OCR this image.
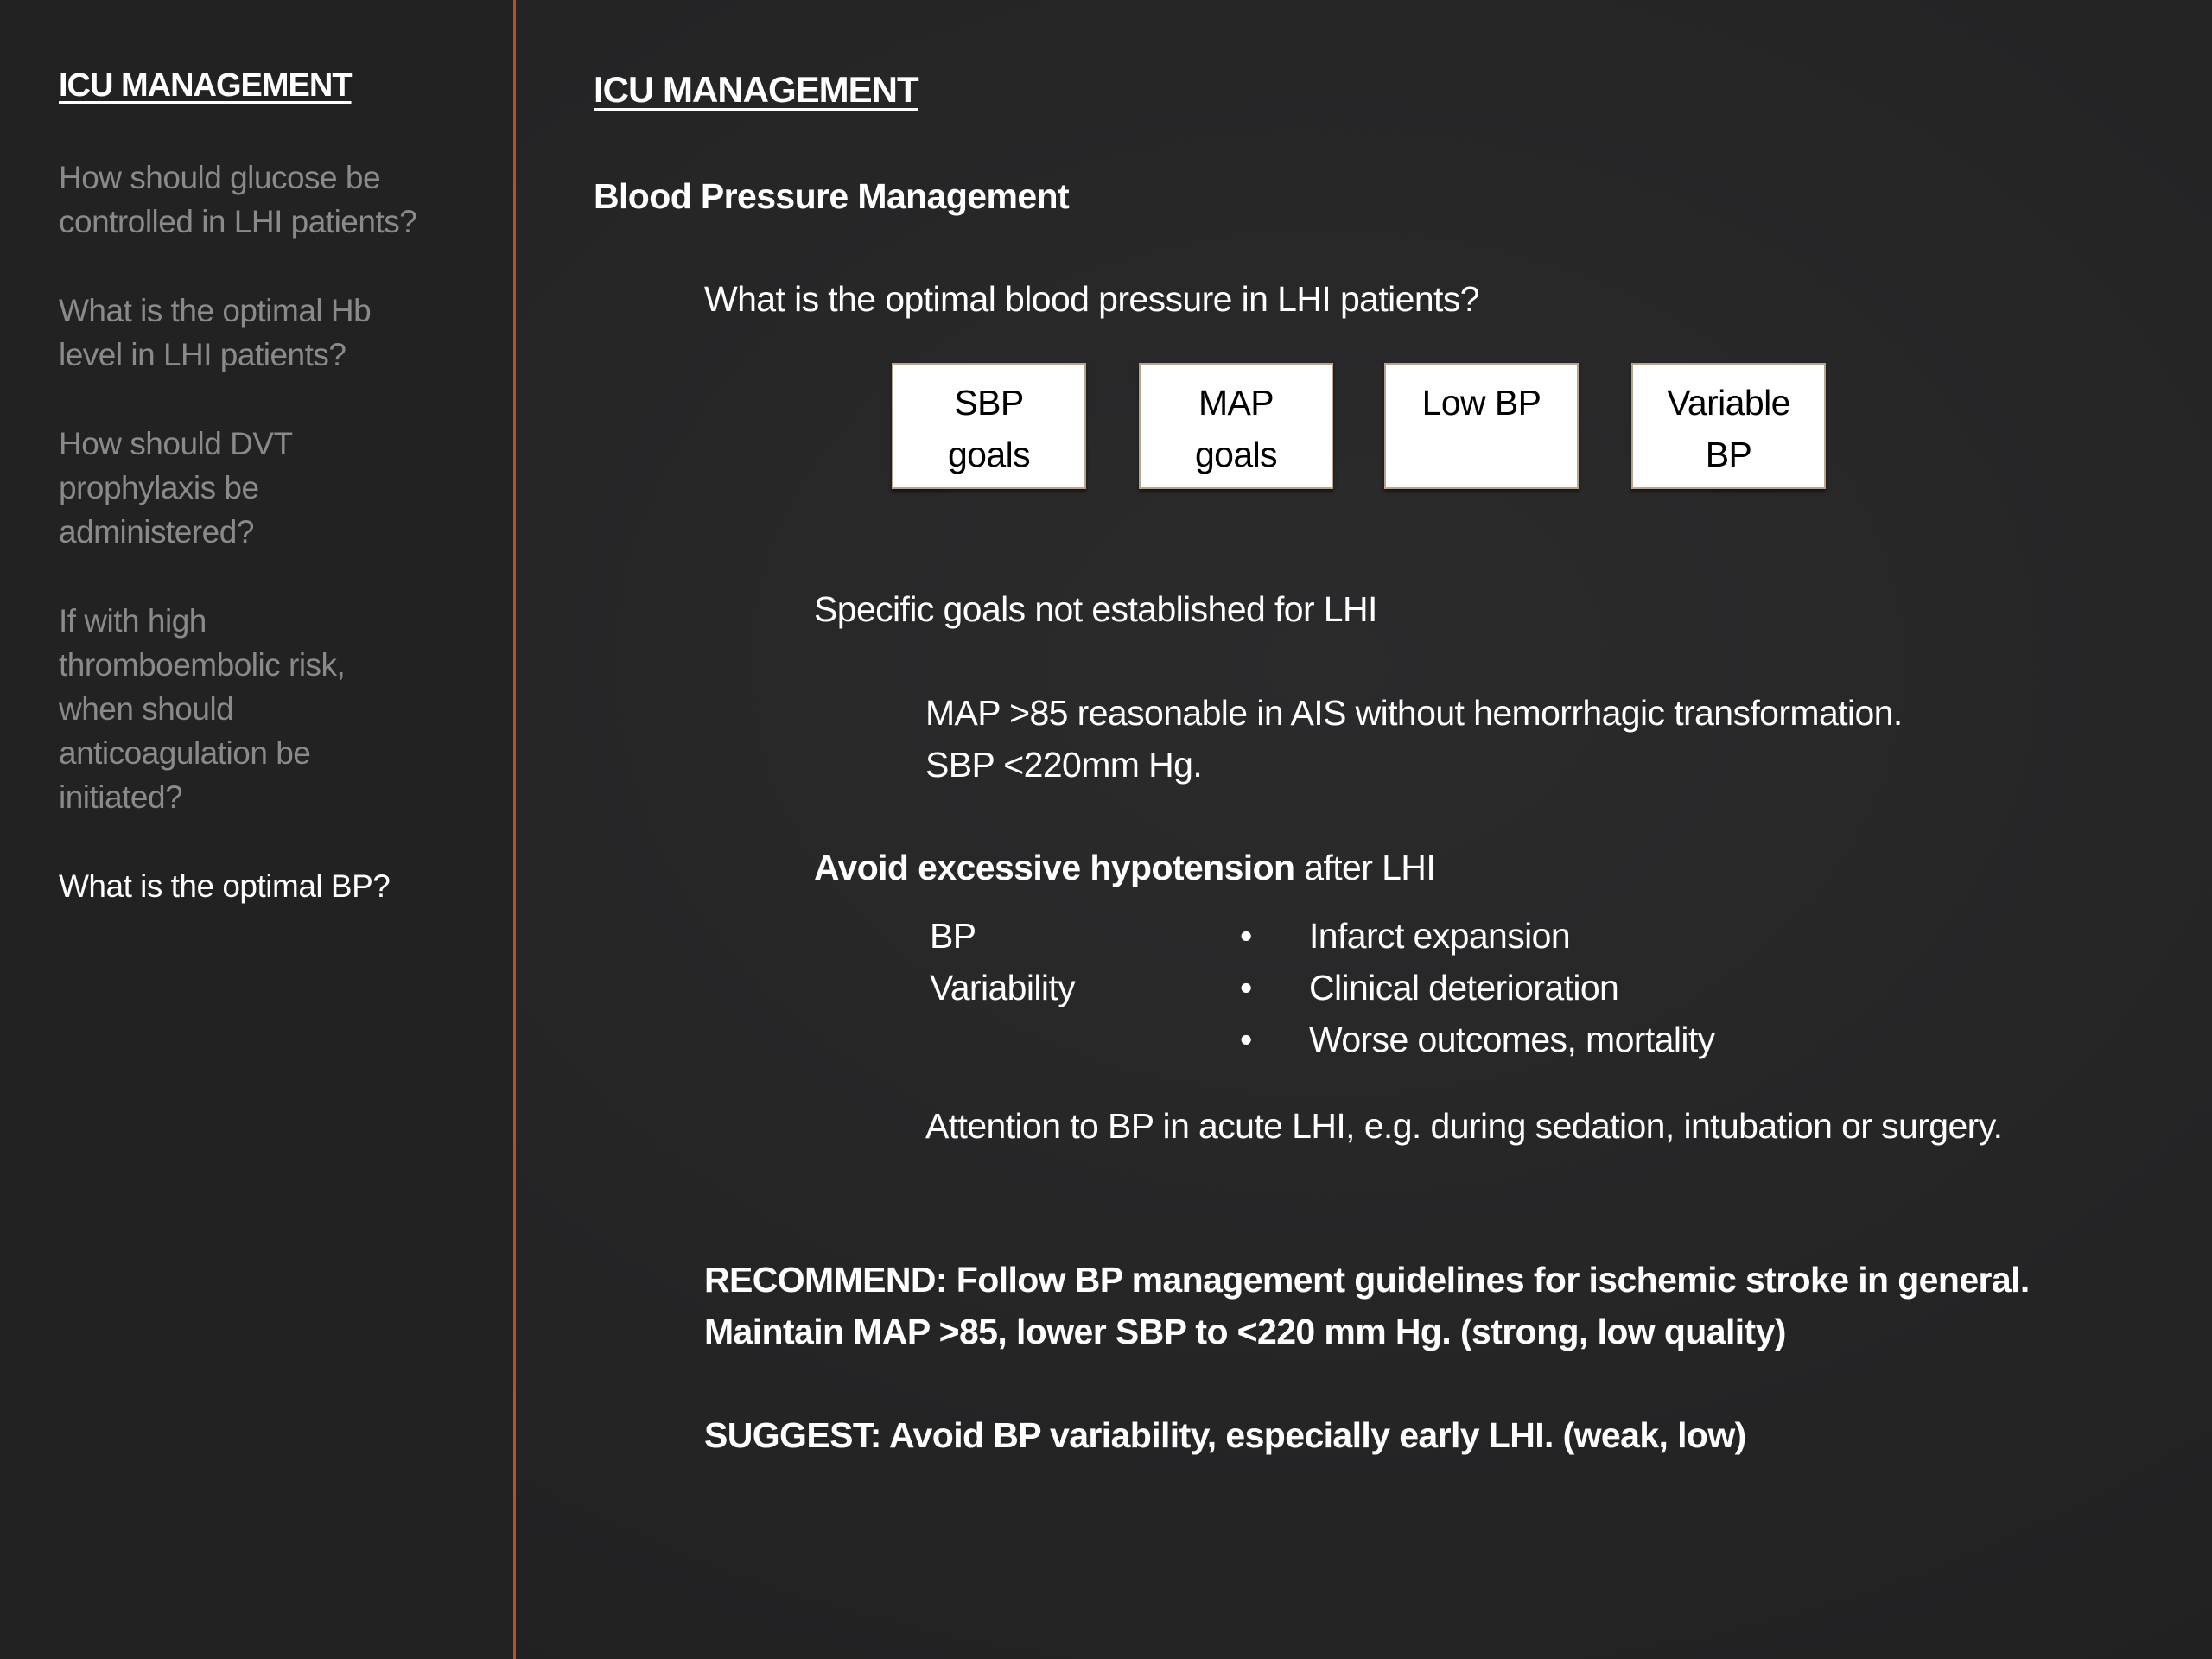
ICU MANAGEMENT
How should glucose be controlled in LHI patients?
What is the optimal Hb level in LHI patients?
How should DVT prophylaxis be administered?
If with high thromboembolic risk, when should anticoagulation be initiated?
What is the optimal BP?
ICU MANAGEMENT
Blood Pressure Management
What is the optimal blood pressure in LHI patients?
SBP
goals
MAP
goals
Low BP	Variable
BP
Specific goals not established for LHI
MAP >85 reasonable in AIS without hemorrhagic transformation.
SBP <220mm Hg.
Avoid excessive hypotension after LHI
BP
Variability
• Infarct expansion
• Clinical deterioration
• Worse outcomes, mortality
Attention to BP in acute LHI, e.g. during sedation, intubation or surgery.
RECOMMEND: Follow BP management guidelines for ischemic stroke in general. Maintain MAP >85, lower SBP to <220 mm Hg. (strong, low quality)
SUGGEST: Avoid BP variability, especially early LHI. (weak, low)
